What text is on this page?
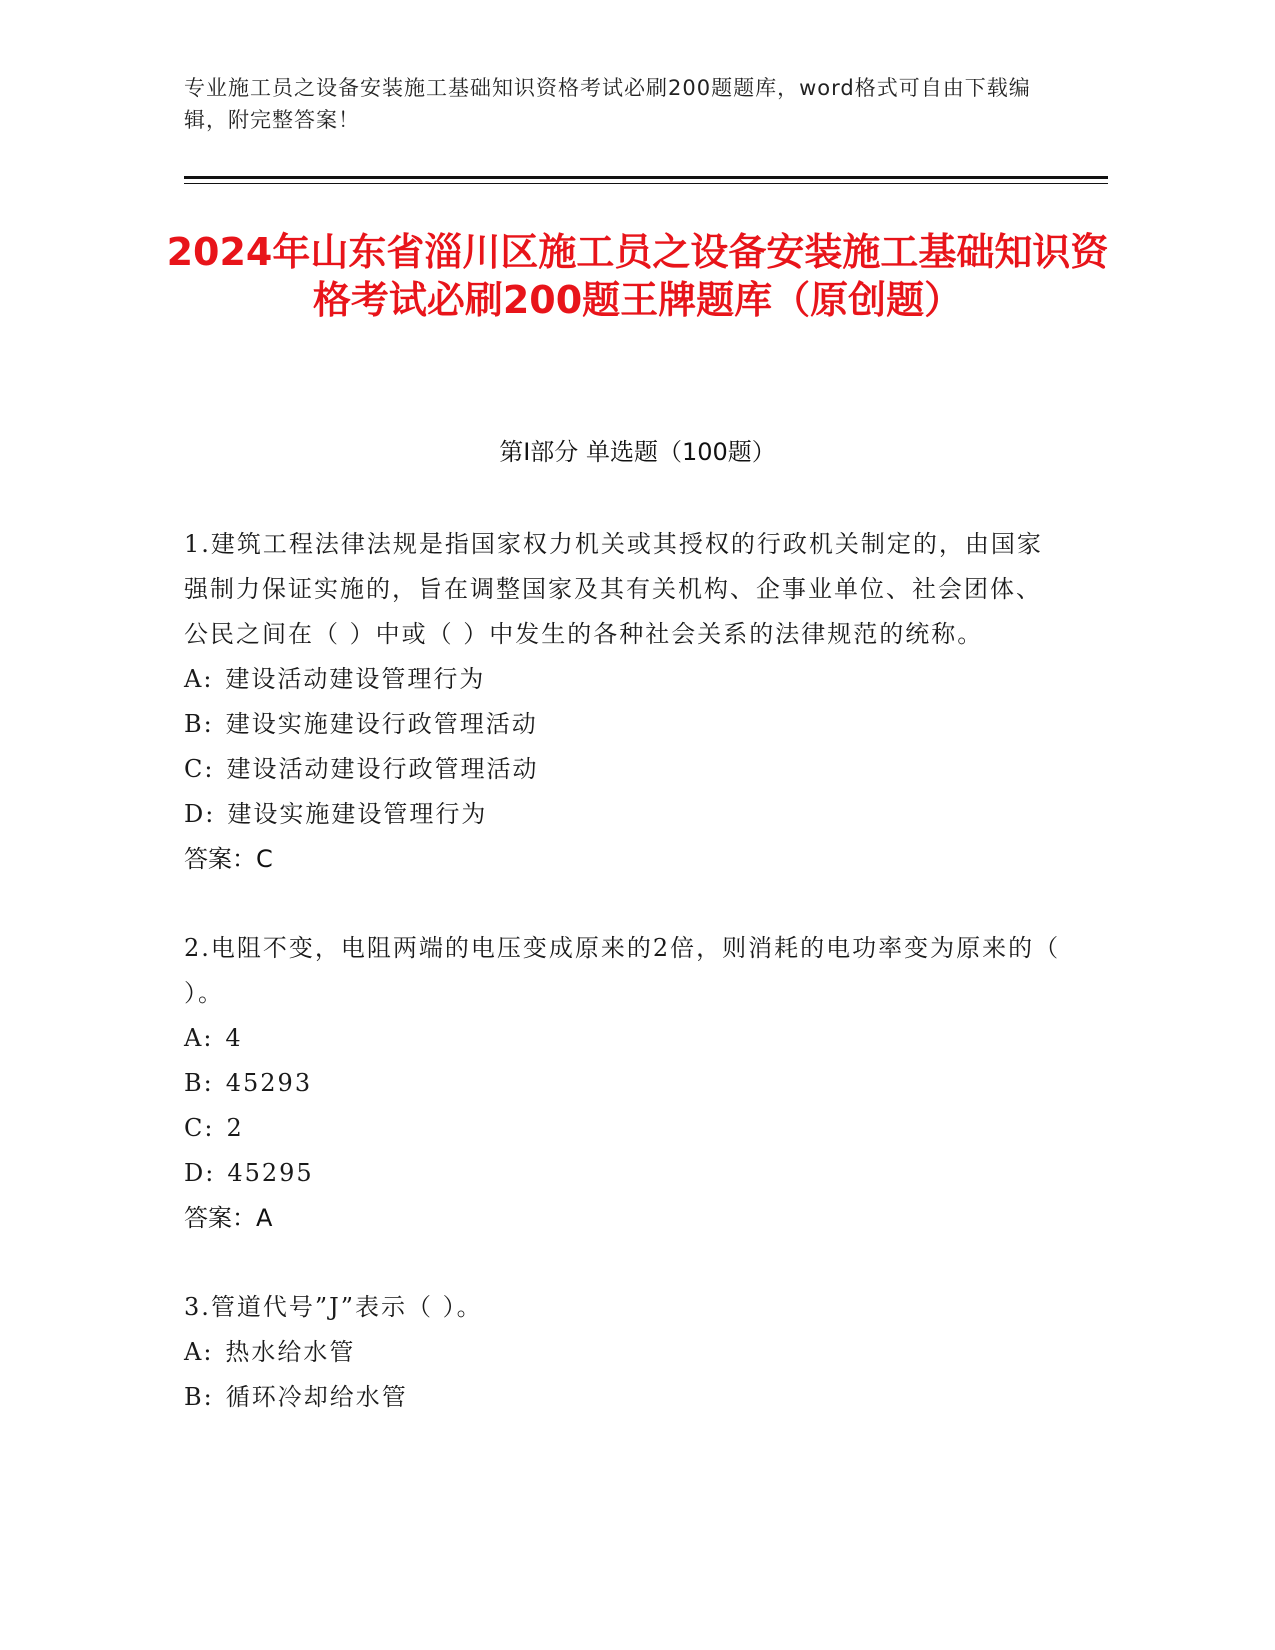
专业施工员之设备安装施工基础知识资格考试必刷200题题库，word格式可自由下载编辑，附完整答案！
2024年山东省淄川区施工员之设备安装施工基础知识资格考试必刷200题王牌题库（原创题）
第I部分 单选题（100题）
1.建筑工程法律法规是指国家权力机关或其授权的行政机关制定的，由国家强制力保证实施的，旨在调整国家及其有关机构、企事业单位、社会团体、公民之间在（ ）中或（ ）中发生的各种社会关系的法律规范的统称。
A: 建设活动建设管理行为
B: 建设实施建设行政管理活动
C: 建设活动建设行政管理活动
D: 建设实施建设管理行为
答案：C
2.电阻不变，电阻两端的电压变成原来的2倍，则消耗的电功率变为原来的（ ）。
A: 4
B: 45293
C: 2
D: 45295
答案：A
3.管道代号”J”表示（ ）。
A: 热水给水管
B: 循环冷却给水管
